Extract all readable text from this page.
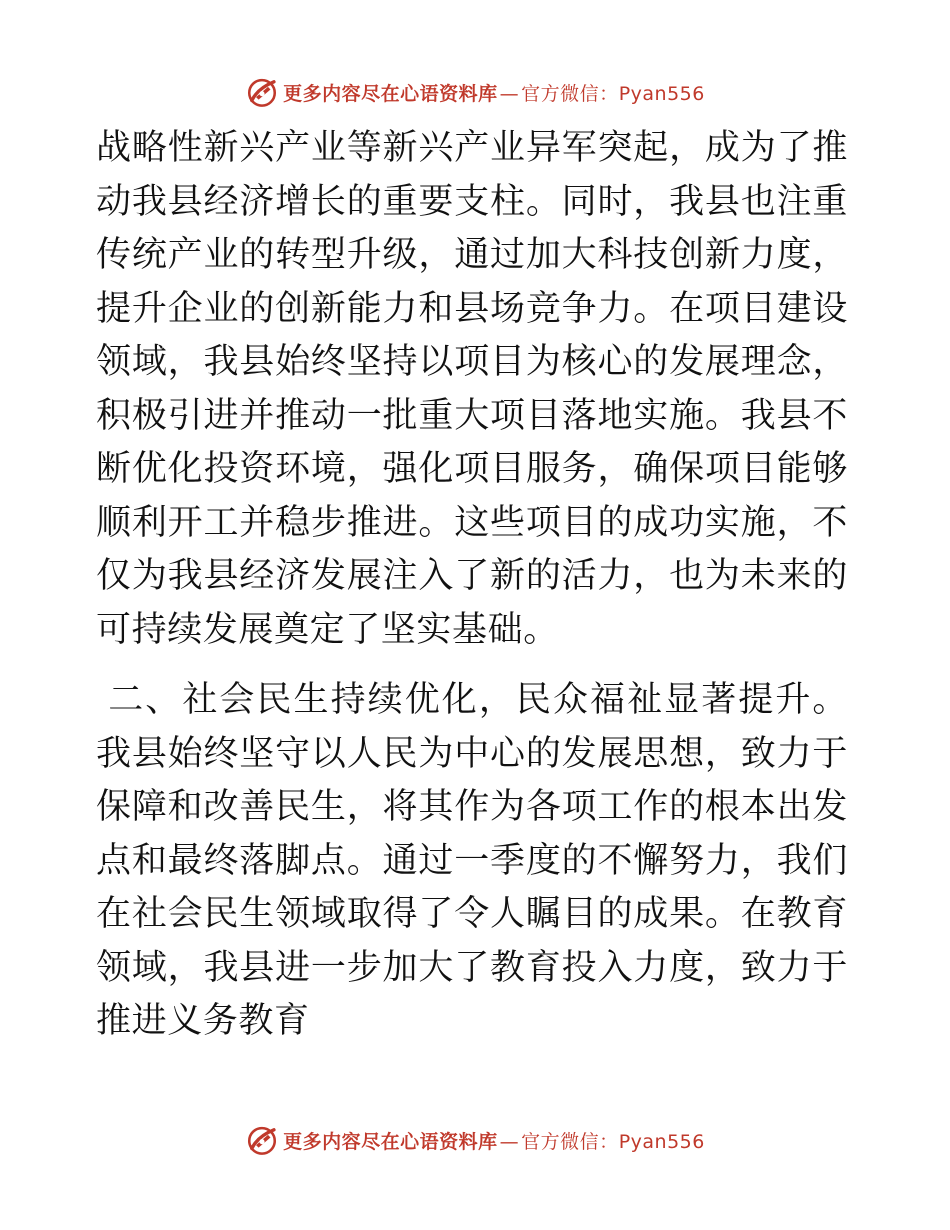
更多内容尽在心语资料库 — 官方微信：Pyan556

战略性新兴产业等新兴产业异军突起，成为了推动我县经济增长的重要支柱。同时，我县也注重传统产业的转型升级，通过加大科技创新力度，提升企业的创新能力和县场竞争力。在项目建设领域，我县始终坚持以项目为核心的发展理念，积极引进并推动一批重大项目落地实施。我县不断优化投资环境，强化项目服务，确保项目能够顺利开工并稳步推进。这些项目的成功实施，不仅为我县经济发展注入了新的活力，也为未来的可持续发展奠定了坚实基础。

二、社会民生持续优化，民众福祉显著提升。我县始终坚守以人民为中心的发展思想，致力于保障和改善民生，将其作为各项工作的根本出发点和最终落脚点。通过一季度的不懈努力，我们在社会民生领域取得了令人瞩目的成果。在教育领域，我县进一步加大了教育投入力度，致力于推进义务教育

更多内容尽在心语资料库 — 官方微信：Pyan556
